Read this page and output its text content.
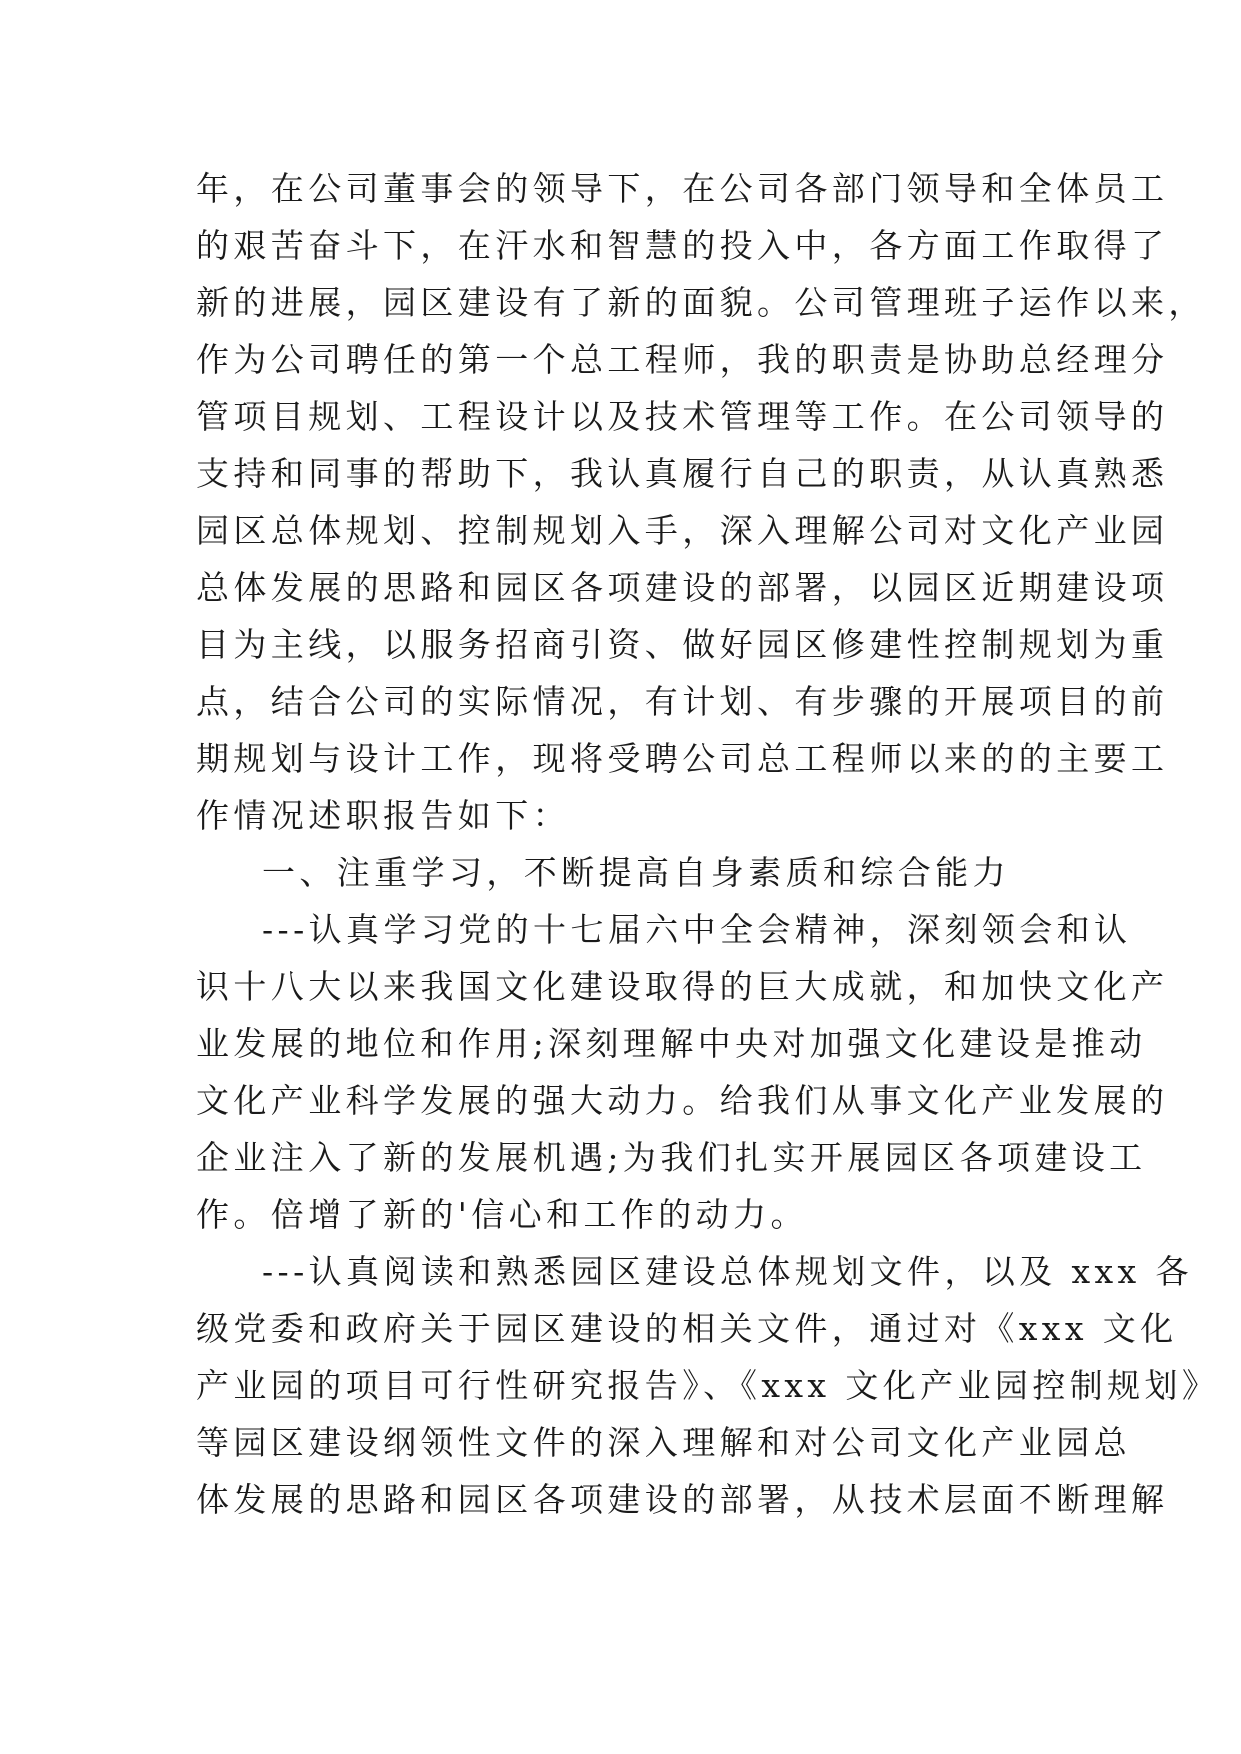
年，在公司董事会的领导下，在公司各部门领导和全体员工
的艰苦奋斗下，在汗水和智慧的投入中，各方面工作取得了
新的进展，园区建设有了新的面貌。公司管理班子运作以来，
作为公司聘任的第一个总工程师，我的职责是协助总经理分
管项目规划、工程设计以及技术管理等工作。在公司领导的
支持和同事的帮助下，我认真履行自己的职责，从认真熟悉
园区总体规划、控制规划入手，深入理解公司对文化产业园
总体发展的思路和园区各项建设的部署，以园区近期建设项
目为主线，以服务招商引资、做好园区修建性控制规划为重
点，结合公司的实际情况，有计划、有步骤的开展项目的前
期规划与设计工作，现将受聘公司总工程师以来的的主要工
作情况述职报告如下：
一、注重学习，不断提高自身素质和综合能力
---认真学习党的十七届六中全会精神，深刻领会和认
识十八大以来我国文化建设取得的巨大成就，和加快文化产
业发展的地位和作用;深刻理解中央对加强文化建设是推动
文化产业科学发展的强大动力。给我们从事文化产业发展的
企业注入了新的发展机遇;为我们扎实开展园区各项建设工
作。倍增了新的'信心和工作的动力。
---认真阅读和熟悉园区建设总体规划文件，以及 xxx 各
级党委和政府关于园区建设的相关文件，通过对《xxx 文化
产业园的项目可行性研究报告》、《xxx 文化产业园控制规划》
等园区建设纲领性文件的深入理解和对公司文化产业园总
体发展的思路和园区各项建设的部署，从技术层面不断理解
